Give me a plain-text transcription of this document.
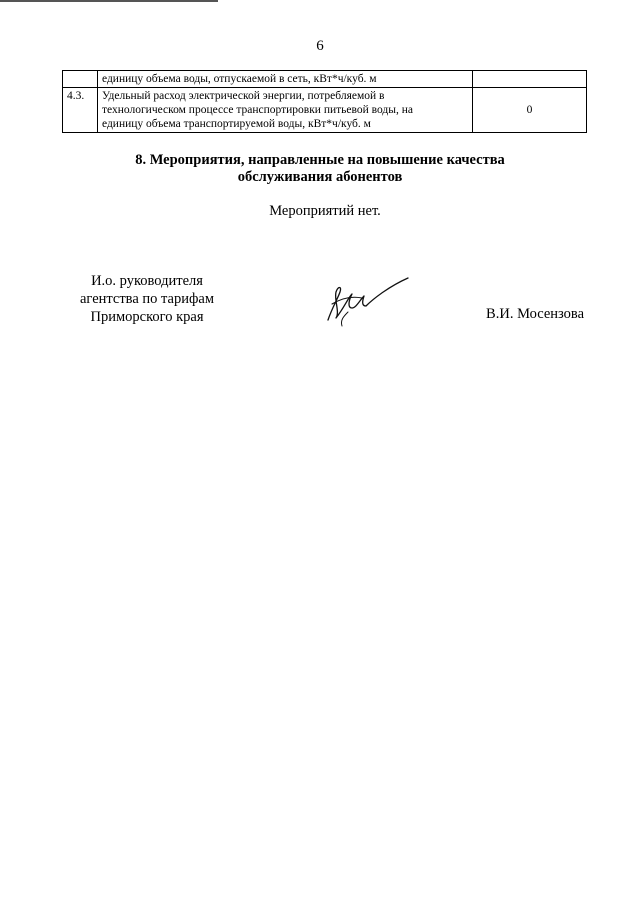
6

	единицу объема воды, отпускаемой в сеть, кВт*ч/куб. м	

4.3.	Удельный расход электрической энергии, потребляемой в
технологическом процессе транспортировки питьевой воды, на
единицу объема транспортируемой воды, кВт*ч/куб. м	0
8. Мероприятия, направленные на повышение качества
обслуживания абонентов
Мероприятий нет.
И.о. руководителя
агентства по тарифам
Приморского края	В.И. Мосензова
